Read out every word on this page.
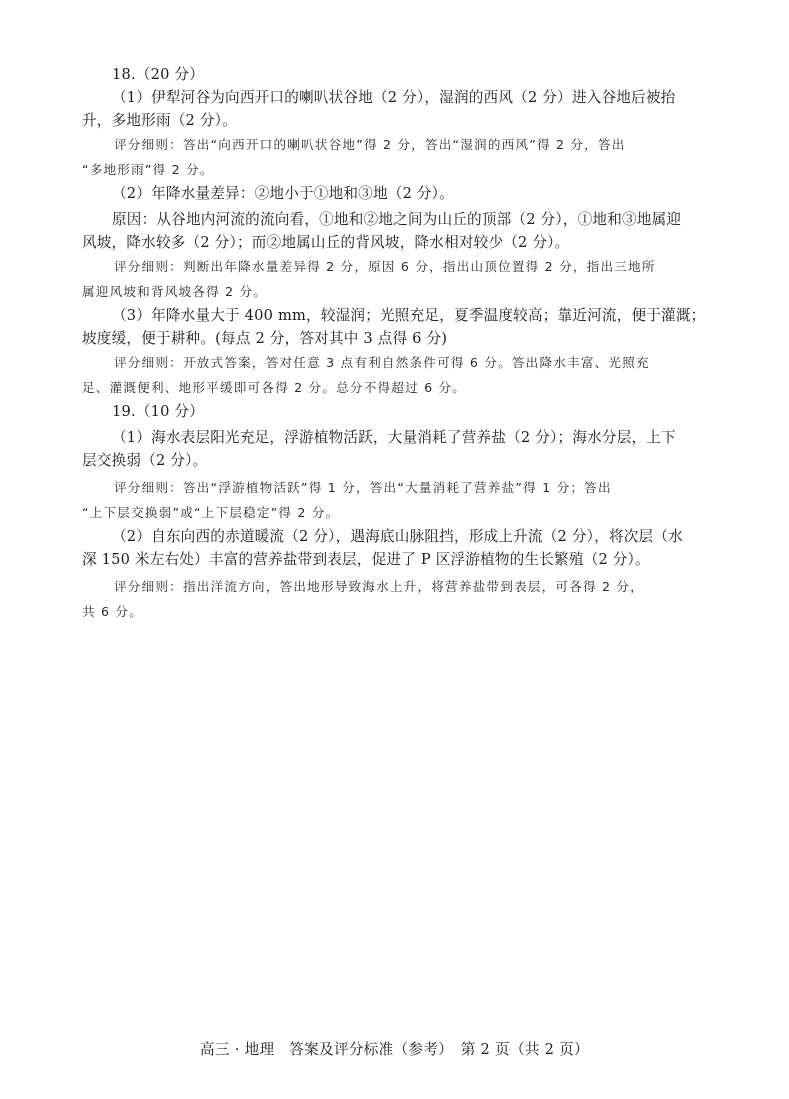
18.（20 分）
（1）伊犁河谷为向西开口的喇叭状谷地（2 分），湿润的西风（2 分）进入谷地后被抬
升，多地形雨（2 分）。
评分细则：答出“向西开口的喇叭状谷地”得 2 分，答出“湿润的西风”得 2 分，答出
“多地形雨”得 2 分。
（2）年降水量差异：②地小于①地和③地（2 分）。
原因：从谷地内河流的流向看，①地和②地之间为山丘的顶部（2 分），①地和③地属迎
风坡，降水较多（2 分）；而②地属山丘的背风坡，降水相对较少（2 分）。
评分细则：判断出年降水量差异得 2 分，原因 6 分，指出山顶位置得 2 分，指出三地所
属迎风坡和背风坡各得 2 分。
（3）年降水量大于 400 mm，较湿润；光照充足，夏季温度较高；靠近河流，便于灌溉；
坡度缓，便于耕种。(每点 2 分，答对其中 3 点得 6 分)
评分细则：开放式答案，答对任意 3 点有利自然条件可得 6 分。答出降水丰富、光照充
足、灌溉便利、地形平缓即可各得 2 分。总分不得超过 6 分。
19.（10 分）
（1）海水表层阳光充足，浮游植物活跃，大量消耗了营养盐（2 分）；海水分层，上下
层交换弱（2 分）。
评分细则：答出“浮游植物活跃”得 1 分，答出“大量消耗了营养盐”得 1 分；答出
“上下层交换弱”或“上下层稳定”得 2 分。
（2）自东向西的赤道暖流（2 分），遇海底山脉阻挡，形成上升流（2 分），将次层（水
深 150 米左右处）丰富的营养盐带到表层，促进了 P 区浮游植物的生长繁殖（2 分）。
评分细则：指出洋流方向，答出地形导致海水上升，将营养盐带到表层，可各得 2 分，
共 6 分。
高三 · 地理　答案及评分标准（参考）　第 2 页（共 2 页）
